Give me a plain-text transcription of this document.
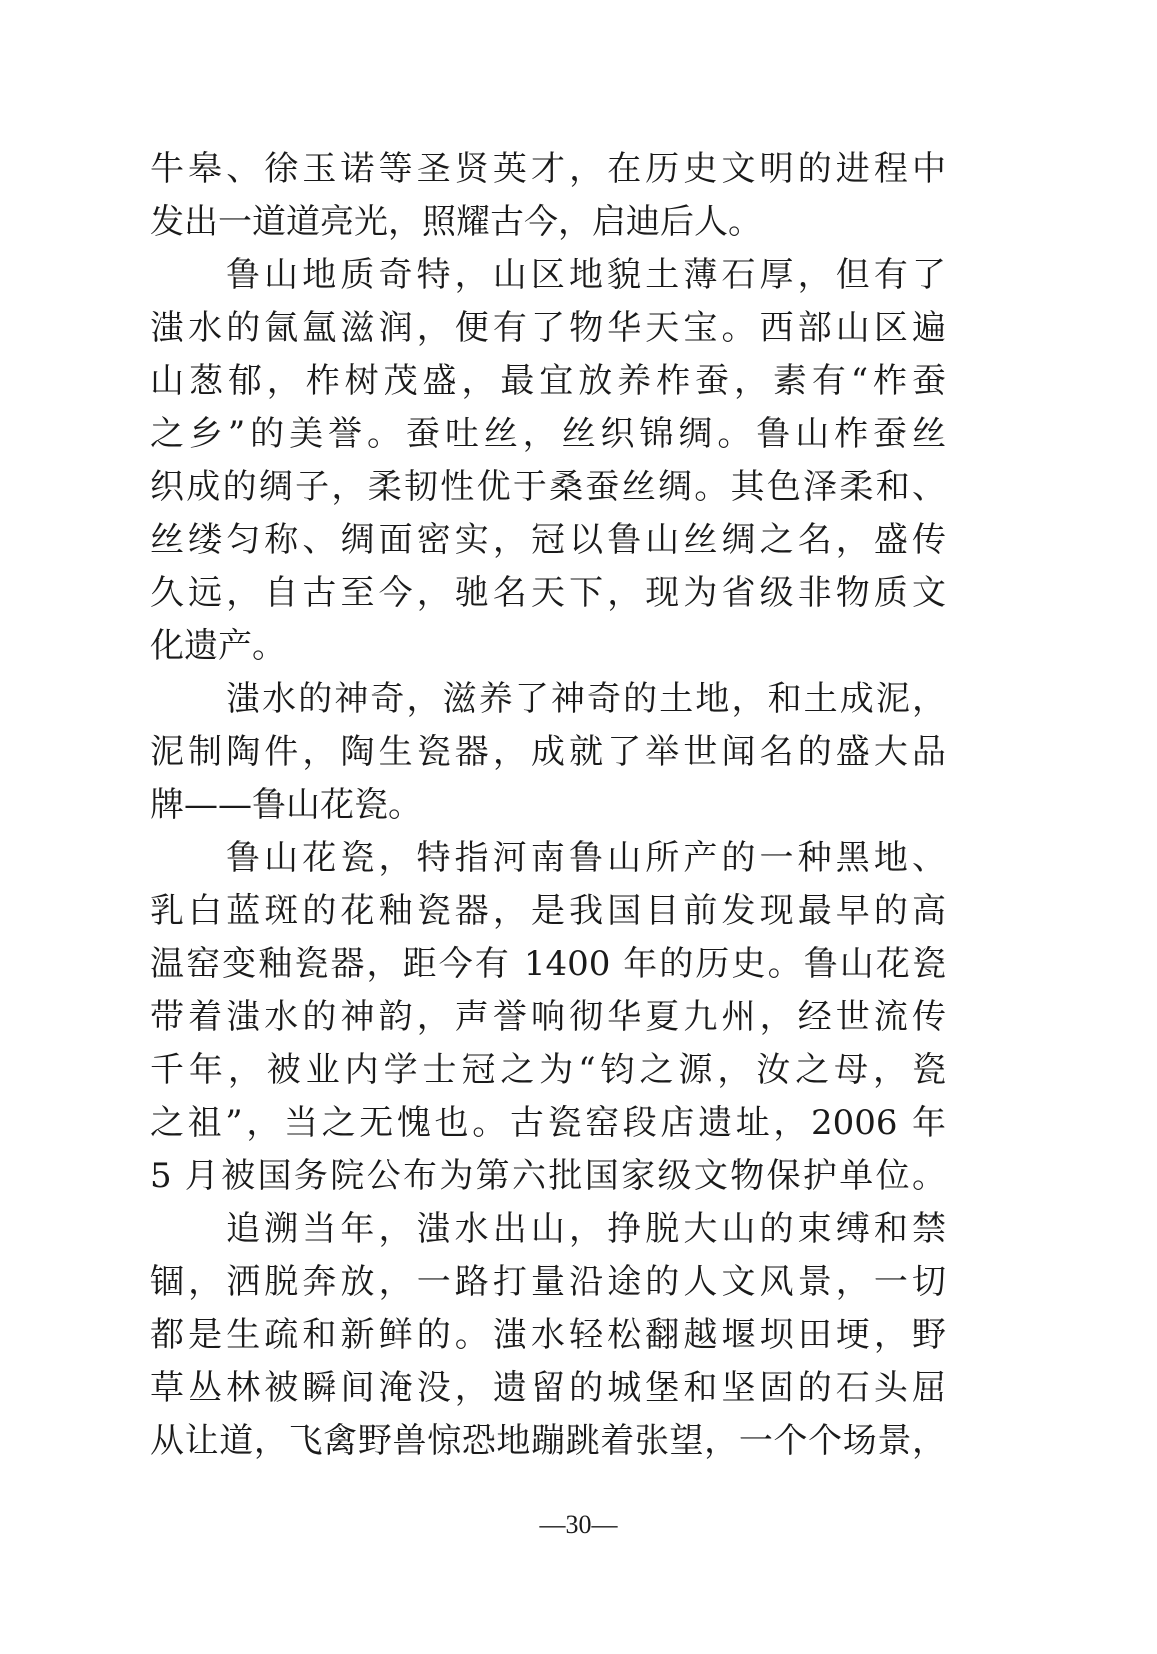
牛皋、徐玉诺等圣贤英才，在历史文明的进程中
发出一道道亮光，照耀古今，启迪后人。
鲁山地质奇特，山区地貌土薄石厚，但有了
滍水的氤氲滋润，便有了物华天宝。西部山区遍
山葱郁，柞树茂盛，最宜放养柞蚕，素有“柞蚕
之乡”的美誉。蚕吐丝，丝织锦绸。鲁山柞蚕丝
织成的绸子，柔韧性优于桑蚕丝绸。其色泽柔和、
丝缕匀称、绸面密实，冠以鲁山丝绸之名，盛传
久远，自古至今，驰名天下，现为省级非物质文
化遗产。
滍水的神奇，滋养了神奇的土地，和土成泥，
泥制陶件，陶生瓷器，成就了举世闻名的盛大品
牌——鲁山花瓷。
鲁山花瓷，特指河南鲁山所产的一种黑地、
乳白蓝斑的花釉瓷器，是我国目前发现最早的高
温窑变釉瓷器，距今有 1400 年的历史。鲁山花瓷
带着滍水的神韵，声誉响彻华夏九州，经世流传
千年，被业内学士冠之为“钧之源，汝之母，瓷
之祖”，当之无愧也。古瓷窑段店遗址，2006 年
5 月被国务院公布为第六批国家级文物保护单位。
追溯当年，滍水出山，挣脱大山的束缚和禁
锢，洒脱奔放，一路打量沿途的人文风景，一切
都是生疏和新鲜的。滍水轻松翻越堰坝田埂，野
草丛林被瞬间淹没，遗留的城堡和坚固的石头屈
从让道，飞禽野兽惊恐地蹦跳着张望，一个个场景，
—30—
